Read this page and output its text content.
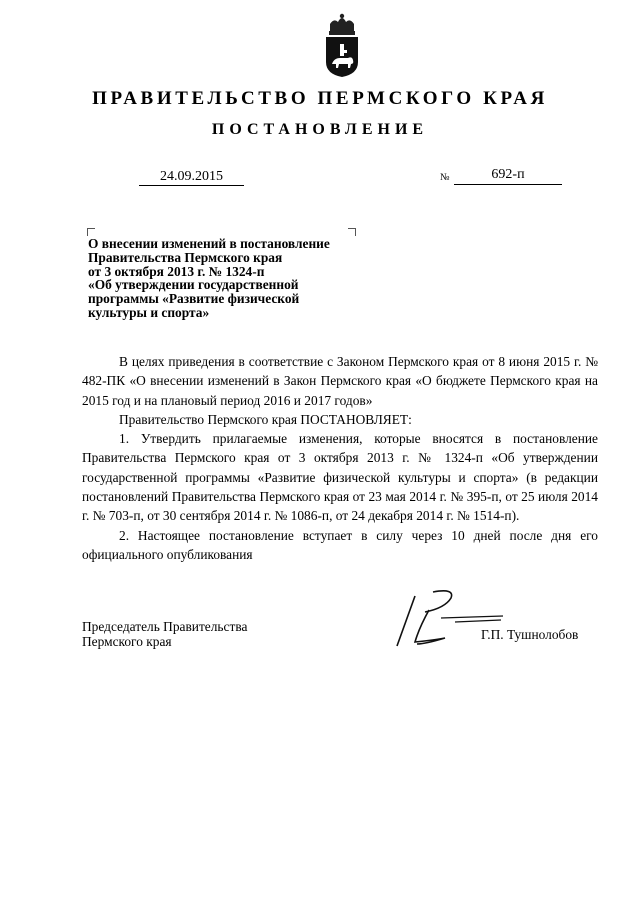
ПРАВИТЕЛЬСТВО ПЕРМСКОГО КРАЯ
ПОСТАНОВЛЕНИЕ
24.09.2015	№	692-п
О внесении изменений в постановление
Правительства Пермского края
от 3 октября 2013 г. № 1324-п
«Об утверждении государственной
программы «Развитие физической
культуры и спорта»

В целях приведения в соответствие с Законом Пермского края от 8 июня 2015 г. № 482-ПК «О внесении изменений в Закон Пермского края «О бюджете Пермского края на 2015 год и на плановый период 2016 и 2017 годов»

Правительство Пермского края ПОСТАНОВЛЯЕТ:

1. Утвердить прилагаемые изменения, которые вносятся в постановление Правительства Пермского края от 3 октября 2013 г. № 1324-п «Об утверждении государственной программы «Развитие физической культуры и спорта» (в редакции постановлений Правительства Пермского края от 23 мая 2014 г. № 395-п, от 25 июля 2014 г. № 703-п, от 30 сентября 2014 г. № 1086-п, от 24 декабря 2014 г. № 1514-п).

2. Настоящее постановление вступает в силу через 10 дней после дня его официального опубликования

Председатель Правительства
Пермского края	Г.П. Тушнолобов
